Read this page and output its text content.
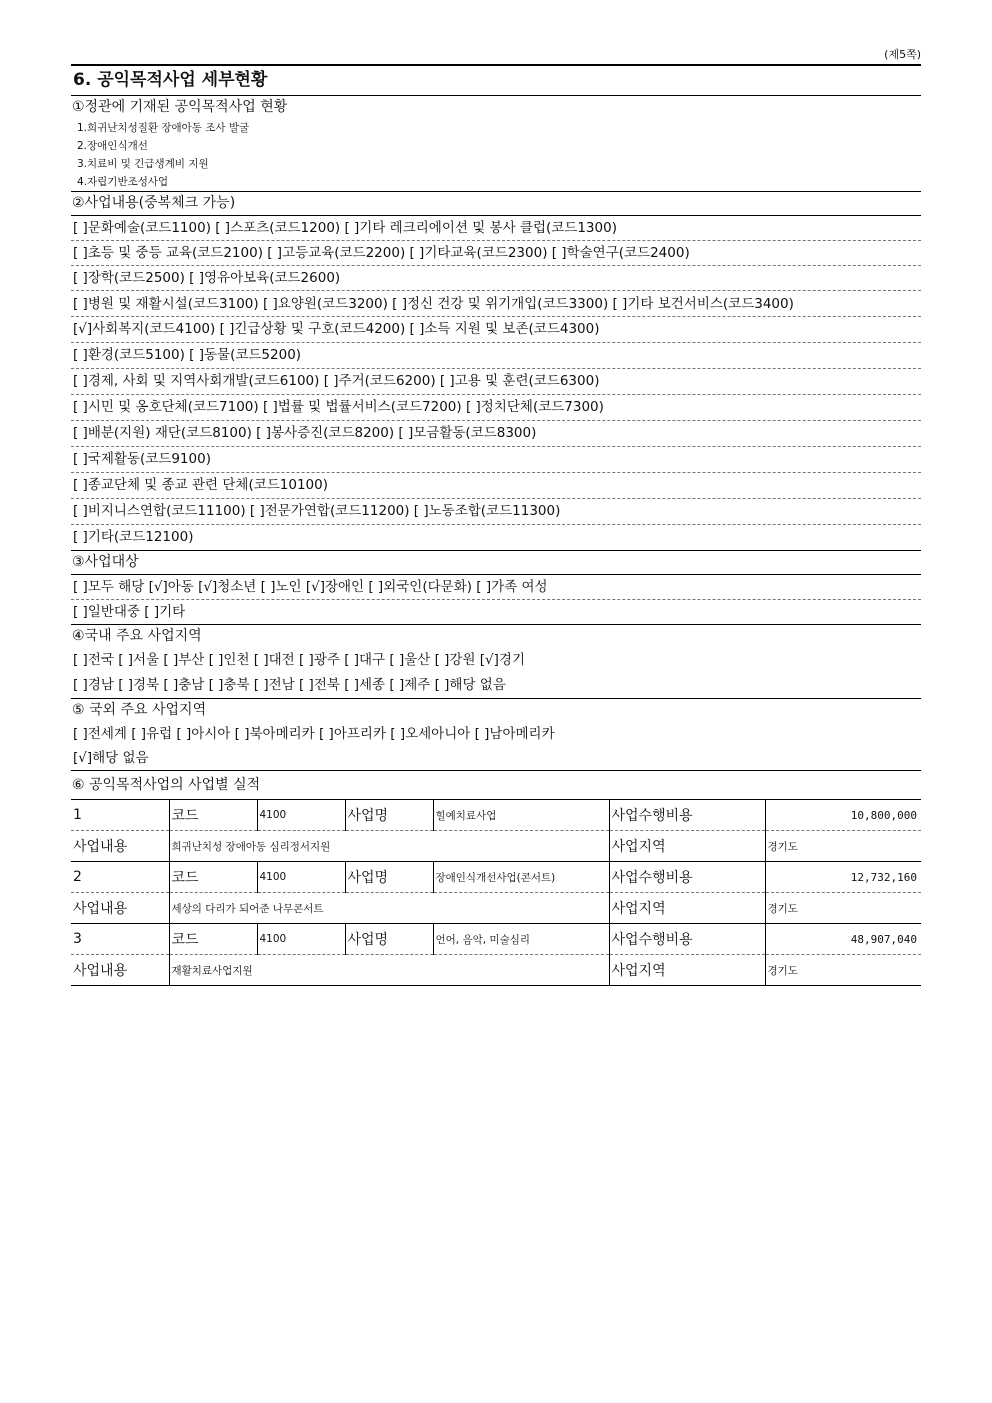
(제5쪽)
6. 공익목적사업 세부현황
①정관에 기재된 공익목적사업 현황
1.희귀난치성질환 장애아동 조사 발굴
2.장애인식개선
3.치료비 및 긴급생계비 지원
4.자립기반조성사업
②사업내용(중복체크 가능)
[ ]문화예술(코드1100) [ ]스포츠(코드1200) [ ]기타 레크리에이션 및 봉사 클럽(코드1300)
[ ]초등 및 중등 교육(코드2100) [ ]고등교육(코드2200) [ ]기타교육(코드2300) [ ]학술연구(코드2400)
[ ]장학(코드2500) [ ]영유아보육(코드2600)
[ ]병원 및 재활시설(코드3100) [ ]요양원(코드3200) [ ]정신 건강 및 위기개입(코드3300) [ ]기타 보건서비스(코드3400)
[√]사회복지(코드4100) [ ]긴급상황 및 구호(코드4200) [ ]소득 지원 및 보존(코드4300)
[ ]환경(코드5100) [ ]동물(코드5200)
[ ]경제, 사회 및 지역사회개발(코드6100) [ ]주거(코드6200) [ ]고용 및 훈련(코드6300)
[ ]시민 및 옹호단체(코드7100) [ ]법률 및 법률서비스(코드7200) [ ]정치단체(코드7300)
[ ]배분(지원) 재단(코드8100) [ ]봉사증진(코드8200) [ ]모금활동(코드8300)
[ ]국제활동(코드9100)
[ ]종교단체 및 종교 관련 단체(코드10100)
[ ]비지니스연합(코드11100) [ ]전문가연합(코드11200) [ ]노동조합(코드11300)
[ ]기타(코드12100)
③사업대상
[ ]모두 해당 [√]아동 [√]청소년 [ ]노인 [√]장애인 [ ]외국인(다문화) [ ]가족 여성
[ ]일반대중 [ ]기타
④국내 주요 사업지역
[ ]전국 [ ]서울 [ ]부산 [ ]인천 [ ]대전 [ ]광주 [ ]대구 [ ]울산 [ ]강원 [√]경기
[ ]경남 [ ]경북 [ ]충남 [ ]충북 [ ]전남 [ ]전북 [ ]세종 [ ]제주 [ ]해당 없음
⑤ 국외 주요 사업지역
[ ]전세계 [ ]유럽 [ ]아시아 [ ]북아메리카 [ ]아프리카 [ ]오세아니아 [ ]남아메리카
[√]해당 없음
⑥ 공익목적사업의 사업별 실적
1	코드	4100	사업명	힐예치료사업	사업수행비용	10,800,000
사업내용	희귀난치성 장애아동 심리정서지원				사업지역	경기도
2	코드	4100	사업명	장애인식개선사업(콘서트)	사업수행비용	12,732,160
사업내용	세상의 다리가 되어준 나무콘서트				사업지역	경기도
3	코드	4100	사업명	언어, 음악, 미술심리	사업수행비용	48,907,040
사업내용	재활치료사업지원				사업지역	경기도
